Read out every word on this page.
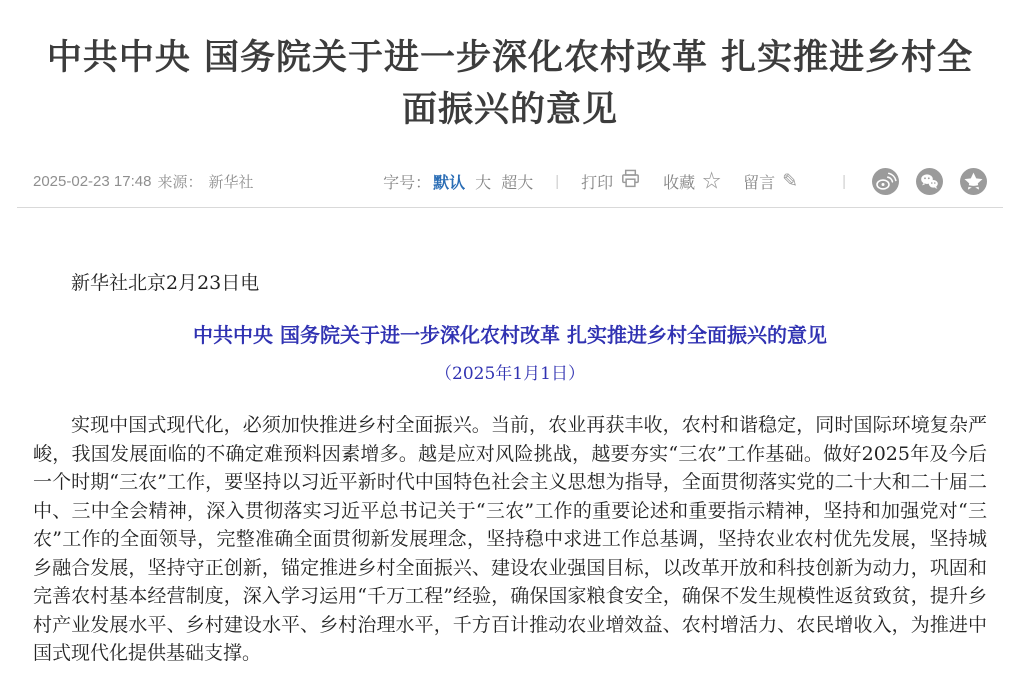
中共中央 国务院关于进一步深化农村改革 扎实推进乡村全面振兴的意见
2025-02-23 17:48 来源： 新华社	字号： 默认 大 超大 | 打印	收藏 ☆ 留言 ✎	|

新华社北京2月23日电

中共中央 国务院关于进一步深化农村改革 扎实推进乡村全面振兴的意见

（2025年1月1日）

实现中国式现代化，必须加快推进乡村全面振兴。当前，农业再获丰收，农村和谐稳定，同时国际环境复杂严峻，我国发展面临的不确定难预料因素增多。越是应对风险挑战，越要夯实“三农”工作基础。做好2025年及今后一个时期“三农”工作，要坚持以习近平新时代中国特色社会主义思想为指导，全面贯彻落实党的二十大和二十届二中、三中全会精神，深入贯彻落实习近平总书记关于“三农”工作的重要论述和重要指示精神，坚持和加强党对“三农”工作的全面领导，完整准确全面贯彻新发展理念，坚持稳中求进工作总基调，坚持农业农村优先发展，坚持城乡融合发展，坚持守正创新，锚定推进乡村全面振兴、建设农业强国目标，以改革开放和科技创新为动力，巩固和完善农村基本经营制度，深入学习运用“千万工程”经验，确保国家粮食安全，确保不发生规模性返贫致贫，提升乡村产业发展水平、乡村建设水平、乡村治理水平，千方百计推动农业增效益、农村增活力、农民增收入，为推进中国式现代化提供基础支撑。
